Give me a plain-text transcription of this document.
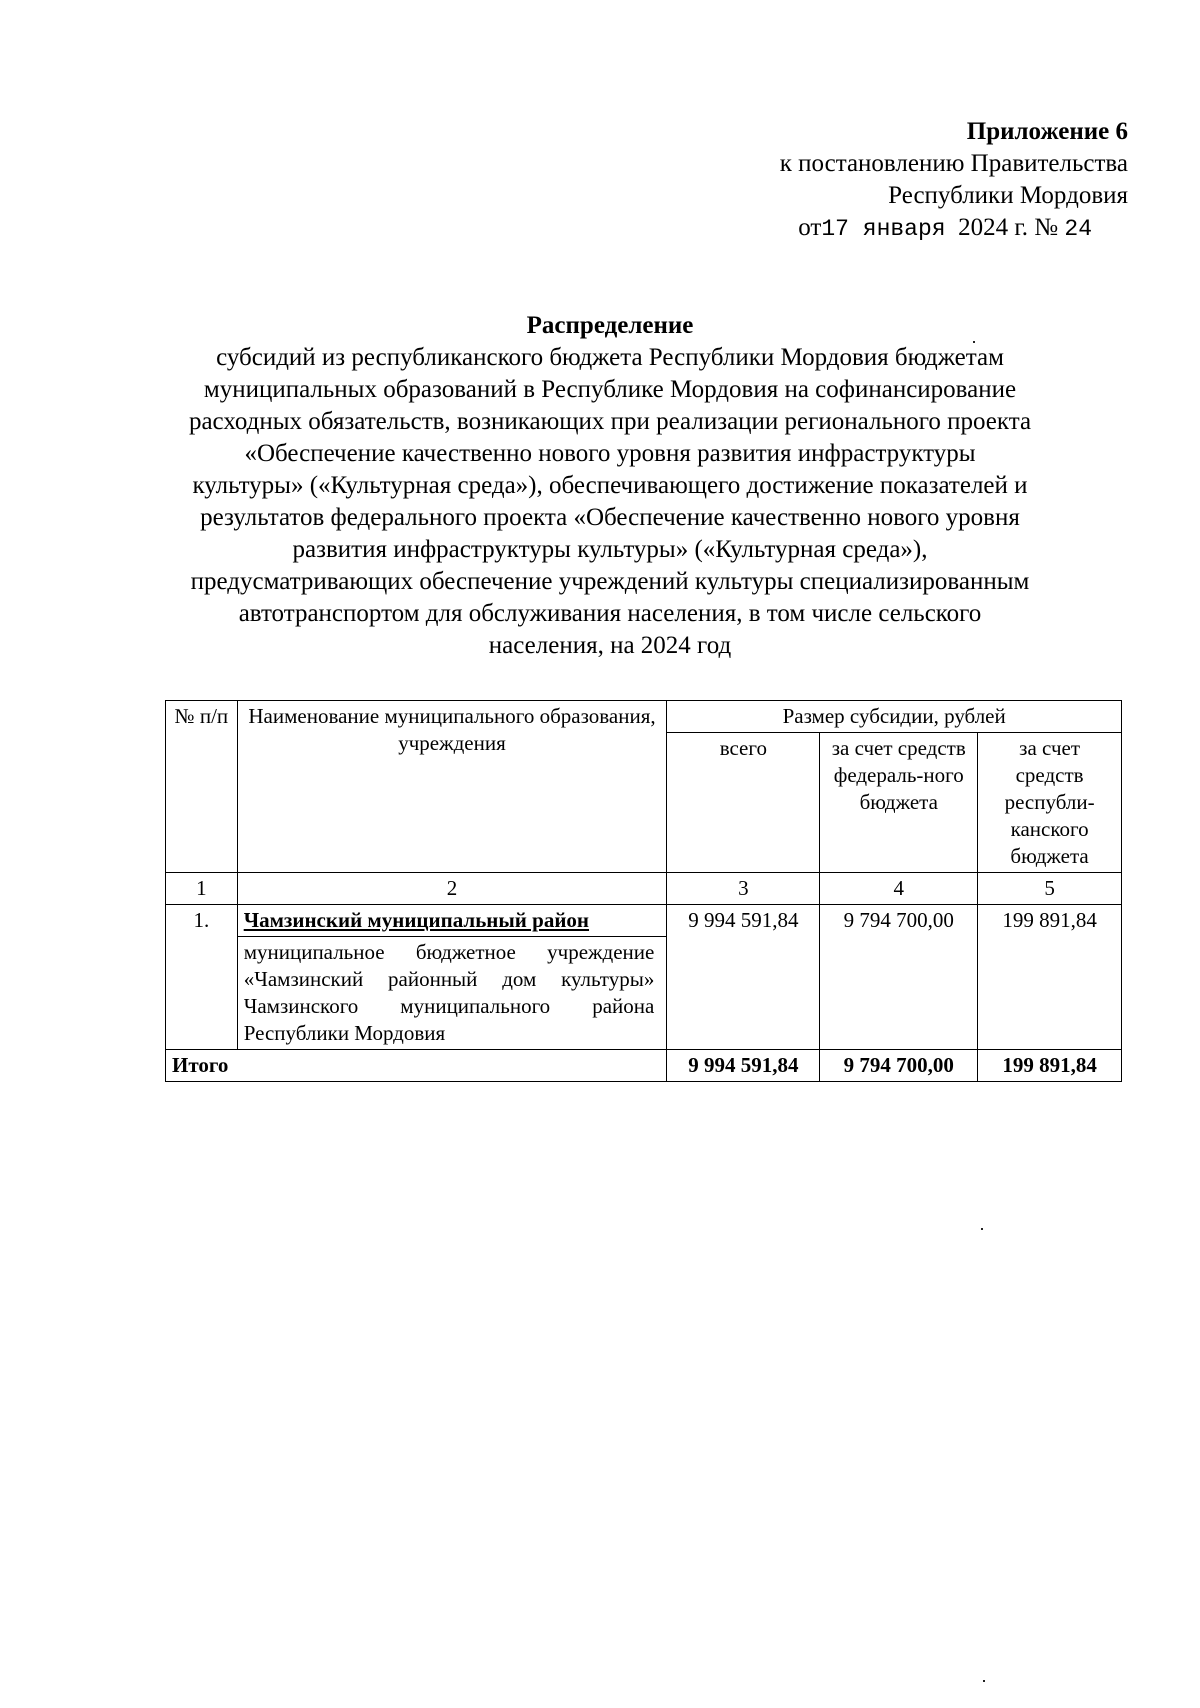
Приложение 6
к постановлению Правительства
Республики Мордовия
от17 января 2024 г. № 24
Распределение
субсидий из республиканского бюджета Республики Мордовия бюджетам
муниципальных образований в Республике Мордовия на софинансирование
расходных обязательств, возникающих при реализации регионального проекта
«Обеспечение качественно нового уровня развития инфраструктуры
культуры» («Культурная среда»), обеспечивающего достижение показателей и
результатов федерального проекта «Обеспечение качественно нового уровня
развития инфраструктуры культуры» («Культурная среда»),
предусматривающих обеспечение учреждений культуры специализированным
автотранспортом для обслуживания населения, в том числе сельского
населения, на 2024 год
№ п/п	Наименование муниципального образования, учреждения	Размер субсидии, рублей		
		всего	за счет средств федераль-ного бюджета	за счет средств республи-канского бюджета
1	2	3	4	5
1.	Чамзинский муниципальный район	9 994 591,84	9 794 700,00	199 891,84
	муниципальное бюджетное учреждение «Чамзинский районный дом культуры» Чамзинского муниципального района Республики Мордовия			
Итого		9 994 591,84	9 794 700,00	199 891,84
